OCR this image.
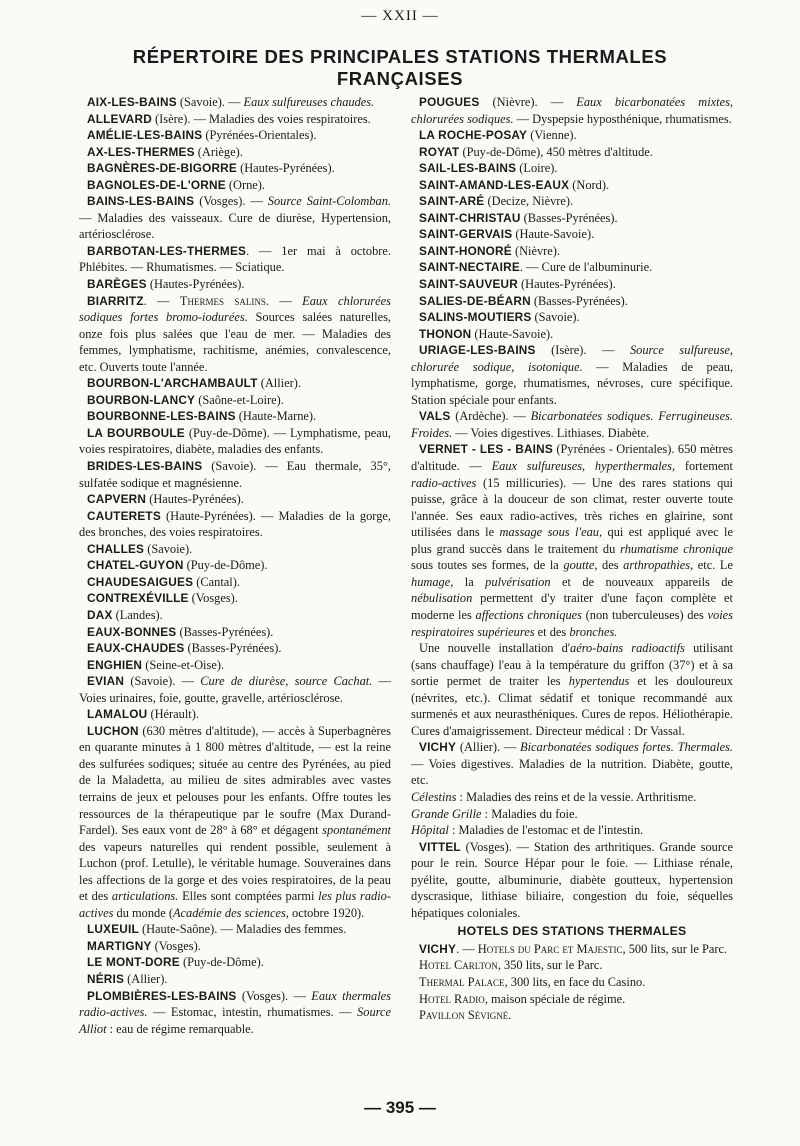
— XXII —
RÉPERTOIRE DES PRINCIPALES STATIONS THERMALES FRANÇAISES

AIX-LES-BAINS (Savoie). — Eaux sulfureuses chaudes.

ALLEVARD (Isère). — Maladies des voies respiratoires.

AMÉLIE-LES-BAINS (Pyrénées-Orientales).

AX-LES-THERMES (Ariège).

BAGNÈRES-DE-BIGORRE (Hautes-Pyrénées).

BAGNOLES-DE-L'ORNE (Orne).

BAINS-LES-BAINS (Vosges). — Source Saint-Colomban. — Maladies des vaisseaux. Cure de diurèse, Hypertension, artériosclérose.

BARBOTAN-LES-THERMES. — 1er mai à octobre. Phlébites. — Rhumatismes. — Sciatique.

BARÈGES (Hautes-Pyrénées).

BIARRITZ. — Thermes salins. — Eaux chlorurées sodiques fortes bromo-iodurées. Sources salées naturelles, onze fois plus salées que l'eau de mer. — Maladies des femmes, lymphatisme, rachitisme, anémies, convalescence, etc. Ouverts toute l'année.

BOURBON-L'ARCHAMBAULT (Allier).

BOURBON-LANCY (Saône-et-Loire).

BOURBONNE-LES-BAINS (Haute-Marne).

LA BOURBOULE (Puy-de-Dôme). — Lymphatisme, peau, voies respiratoires, diabète, maladies des enfants.

BRIDES-LES-BAINS (Savoie). — Eau thermale, 35°, sulfatée sodique et magnésienne.

CAPVERN (Hautes-Pyrénées).

CAUTERETS (Haute-Pyrénées). — Maladies de la gorge, des bronches, des voies respiratoires.

CHALLES (Savoie).

CHATEL-GUYON (Puy-de-Dôme).

CHAUDESAIGUES (Cantal).

CONTREXÉVILLE (Vosges).

DAX (Landes).

EAUX-BONNES (Basses-Pyrénées).

EAUX-CHAUDES (Basses-Pyrénées).

ENGHIEN (Seine-et-Oise).

EVIAN (Savoie). — Cure de diurèse, source Cachat. — Voies urinaires, foie, goutte, gravelle, artériosclérose.

LAMALOU (Hérault).

LUCHON (630 mètres d'altitude), — accès à Superbagnères en quarante minutes à 1 800 mètres d'altitude, — est la reine des sulfurées sodiques; située au centre des Pyrénées, au pied de la Maladetta, au milieu de sites admirables avec vastes terrains de jeux et pelouses pour les enfants. Offre toutes les ressources de la thérapeutique par le soufre (Max Durand-Fardel). Ses eaux vont de 28° à 68° et dégagent spontanément des vapeurs naturelles qui rendent possible, seulement à Luchon (prof. Letulle), le véritable humage. Souveraines dans les affections de la gorge et des voies respiratoires, de la peau et des articulations. Elles sont comptées parmi les plus radio-actives du monde (Académie des sciences, octobre 1920).

LUXEUIL (Haute-Saône). — Maladies des femmes.

MARTIGNY (Vosges).

LE MONT-DORE (Puy-de-Dôme).

NÉRIS (Allier).

PLOMBIÈRES-LES-BAINS (Vosges). — Eaux thermales radio-actives. — Estomac, intestin, rhumatismes. — Source Alliot : eau de régime remarquable.

POUGUES (Nièvre). — Eaux bicarbonatées mixtes, chlorurées sodiques. — Dyspepsie hyposthénique, rhumatismes.

LA ROCHE-POSAY (Vienne).

ROYAT (Puy-de-Dôme), 450 mètres d'altitude.

SAIL-LES-BAINS (Loire).

SAINT-AMAND-LES-EAUX (Nord).

SAINT-ARÉ (Decize, Nièvre).

SAINT-CHRISTAU (Basses-Pyrénées).

SAINT-GERVAIS (Haute-Savoie).

SAINT-HONORÉ (Nièvre).

SAINT-NECTAIRE. — Cure de l'albuminurie.

SAINT-SAUVEUR (Hautes-Pyrénées).

SALIES-DE-BÉARN (Basses-Pyrénées).

SALINS-MOUTIERS (Savoie).

THONON (Haute-Savoie).

URIAGE-LES-BAINS (Isère). — Source sulfureuse, chlorurée sodique, isotonique. — Maladies de peau, lymphatisme, gorge, rhumatismes, névroses, cure spécifique. Station spéciale pour enfants.

VALS (Ardèche). — Bicarbonatées sodiques. Ferrugineuses. Froides. — Voies digestives. Lithiases. Diabète.

VERNET - LES - BAINS (Pyrénées - Orientales). 650 mètres d'altitude. — Eaux sulfureuses, hyperthermales, fortement radio-actives (15 millicuries). — Une des rares stations qui puisse, grâce à la douceur de son climat, rester ouverte toute l'année. Ses eaux radio-actives, très riches en glairine, sont utilisées dans le massage sous l'eau, qui est appliqué avec le plus grand succès dans le traitement du rhumatisme chronique sous toutes ses formes, de la goutte, des arthropathies, etc. Le humage, la pulvérisation et de nouveaux appareils de nébulisation permettent d'y traiter d'une façon complète et moderne les affections chroniques (non tuberculeuses) des voies respiratoires supérieures et des bronches.

Une nouvelle installation d'aéro-bains radioactifs utilisant (sans chauffage) l'eau à la température du griffon (37°) et à sa sortie permet de traiter les hypertendus et les douloureux (névrites, etc.). Climat sédatif et tonique recommandé aux surmenés et aux neurasthéniques. Cures de repos. Héliothérapie. Cures d'amaigrissement. Directeur médical : Dr Vassal.

VICHY (Allier). — Bicarbonatées sodiques fortes. Thermales. — Voies digestives. Maladies de la nutrition. Diabète, goutte, etc.

Célestins : Maladies des reins et de la vessie. Arthritisme.

Grande Grille : Maladies du foie.

Hôpital : Maladies de l'estomac et de l'intestin.

VITTEL (Vosges). — Station des arthritiques. Grande source pour le rein. Source Hépar pour le foie. — Lithiase rénale, pyélite, goutte, albuminurie, diabète goutteux, hypertension dyscrasique, lithiase biliaire, congestion du foie, séquelles hépatiques coloniales.

HOTELS DES STATIONS THERMALES

VICHY. — Hotels du Parc et Majestic, 500 lits, sur le Parc.

Hotel Carlton, 350 lits, sur le Parc.

Thermal Palace, 300 lits, en face du Casino.

Hotel Radio, maison spéciale de régime.

Pavillon Sévigné.

— 395 —
